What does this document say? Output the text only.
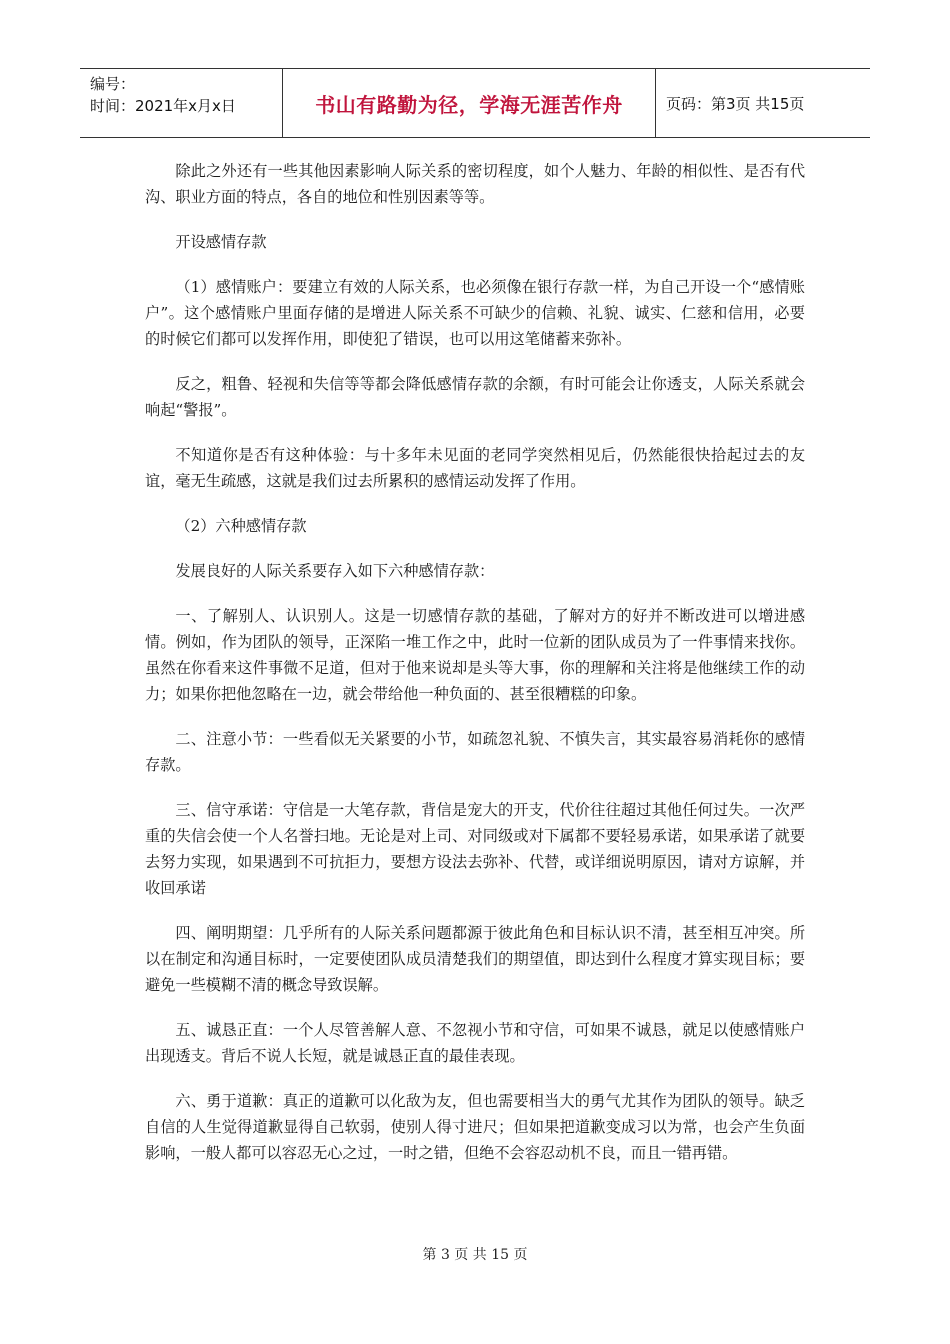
编号：
时间：2021年x月x日	书山有路勤为径，学海无涯苦作舟	页码：第3页 共15页

除此之外还有一些其他因素影响人际关系的密切程度，如个人魅力、年龄的相似性、是否有代沟、职业方面的特点，各自的地位和性别因素等等。

开设感情存款

（1）感情账户：要建立有效的人际关系，也必须像在银行存款一样，为自己开设一个“感情账户”。这个感情账户里面存储的是增进人际关系不可缺少的信赖、礼貌、诚实、仁慈和信用，必要的时候它们都可以发挥作用，即使犯了错误，也可以用这笔储蓄来弥补。

反之，粗鲁、轻视和失信等等都会降低感情存款的余额，有时可能会让你透支，人际关系就会响起“警报”。

不知道你是否有这种体验：与十多年未见面的老同学突然相见后，仍然能很快拾起过去的友谊，毫无生疏感，这就是我们过去所累积的感情运动发挥了作用。

（2）六种感情存款

发展良好的人际关系要存入如下六种感情存款：

一、了解别人、认识别人。这是一切感情存款的基础，了解对方的好并不断改进可以增进感情。例如，作为团队的领导，正深陷一堆工作之中，此时一位新的团队成员为了一件事情来找你。虽然在你看来这件事微不足道，但对于他来说却是头等大事，你的理解和关注将是他继续工作的动力；如果你把他忽略在一边，就会带给他一种负面的、甚至很糟糕的印象。

二、注意小节：一些看似无关紧要的小节，如疏忽礼貌、不慎失言，其实最容易消耗你的感情存款。

三、信守承诺：守信是一大笔存款，背信是宠大的开支，代价往往超过其他任何过失。一次严重的失信会使一个人名誉扫地。无论是对上司、对同级或对下属都不要轻易承诺，如果承诺了就要去努力实现，如果遇到不可抗拒力，要想方设法去弥补、代替，或详细说明原因，请对方谅解，并收回承诺

四、阐明期望：几乎所有的人际关系问题都源于彼此角色和目标认识不清，甚至相互冲突。所以在制定和沟通目标时，一定要使团队成员清楚我们的期望值，即达到什么程度才算实现目标；要避免一些模糊不清的概念导致误解。

五、诚恳正直：一个人尽管善解人意、不忽视小节和守信，可如果不诚恳，就足以使感情账户出现透支。背后不说人长短，就是诚恳正直的最佳表现。

六、勇于道歉：真正的道歉可以化敌为友，但也需要相当大的勇气尤其作为团队的领导。缺乏自信的人生觉得道歉显得自己软弱，使别人得寸进尺；但如果把道歉变成习以为常，也会产生负面影响，一般人都可以容忍无心之过，一时之错，但绝不会容忍动机不良，而且一错再错。

第 3 页 共 15 页
